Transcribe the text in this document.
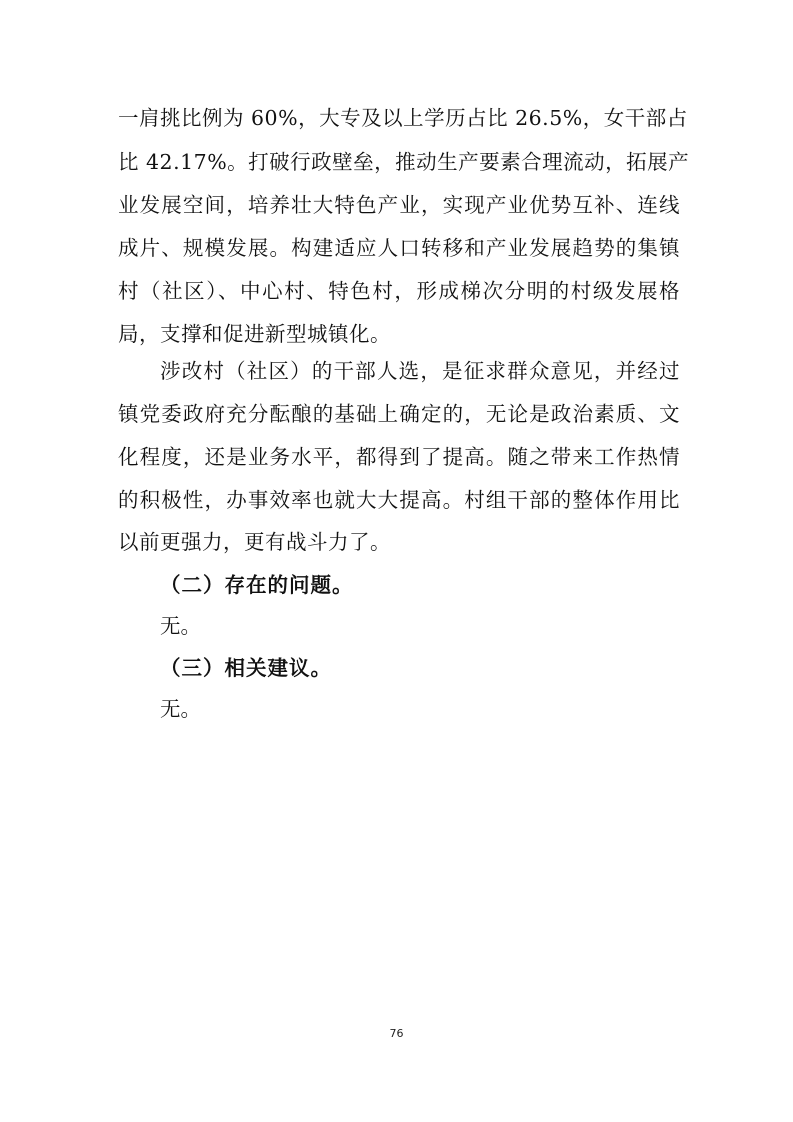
一肩挑比例为 60%，大专及以上学历占比 26.5%，女干部占
比 42.17%。打破行政壁垒，推动生产要素合理流动，拓展产
业发展空间，培养壮大特色产业，实现产业优势互补、连线
成片、规模发展。构建适应人口转移和产业发展趋势的集镇
村（社区）、中心村、特色村，形成梯次分明的村级发展格
局，支撑和促进新型城镇化。
涉改村（社区）的干部人选，是征求群众意见，并经过
镇党委政府充分酝酿的基础上确定的，无论是政治素质、文
化程度，还是业务水平，都得到了提高。随之带来工作热情
的积极性，办事效率也就大大提高。村组干部的整体作用比
以前更强力，更有战斗力了。
（二）存在的问题。
无。
（三）相关建议。
无。
76
